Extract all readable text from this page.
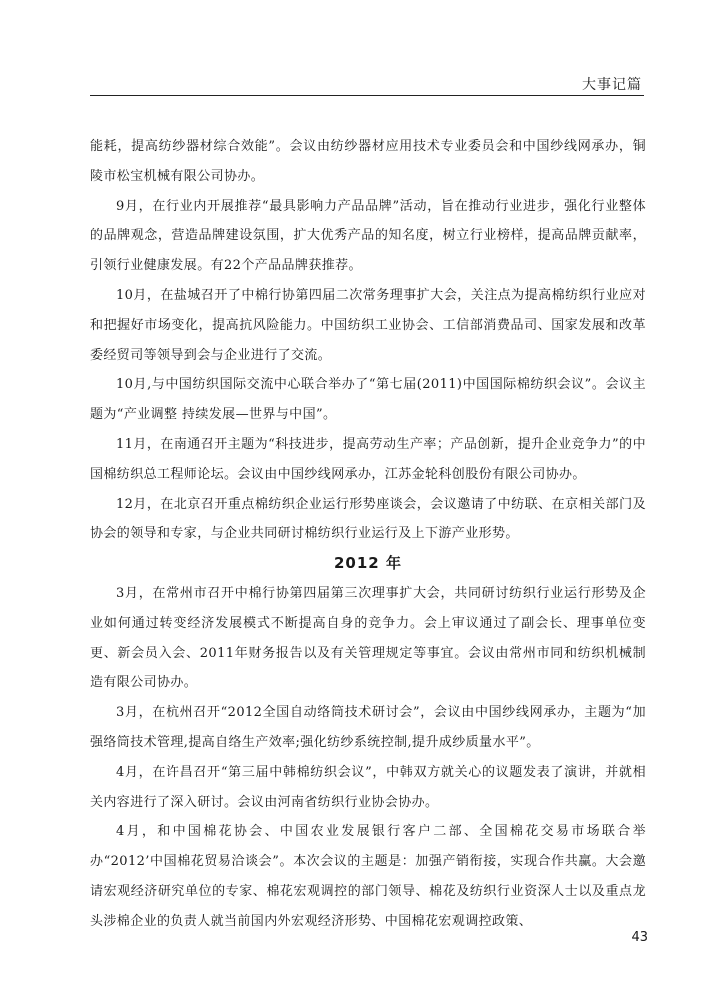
大事记篇

能耗，提高纺纱器材综合效能”。会议由纺纱器材应用技术专业委员会和中国纱线网承办，铜陵市松宝机械有限公司协办。

9月，在行业内开展推荐“最具影响力产品品牌”活动，旨在推动行业进步，强化行业整体的品牌观念，营造品牌建设氛围，扩大优秀产品的知名度，树立行业榜样，提高品牌贡献率，引领行业健康发展。有22个产品品牌获推荐。

10月，在盐城召开了中棉行协第四届二次常务理事扩大会，关注点为提高棉纺织行业应对和把握好市场变化，提高抗风险能力。中国纺织工业协会、工信部消费品司、国家发展和改革委经贸司等领导到会与企业进行了交流。

10月,与中国纺织国际交流中心联合举办了“第七届(2011)中国国际棉纺织会议”。会议主题为“产业调整 持续发展—世界与中国”。

11月，在南通召开主题为“科技进步，提高劳动生产率；产品创新，提升企业竞争力”的中国棉纺织总工程师论坛。会议由中国纱线网承办，江苏金轮科创股份有限公司协办。

12月，在北京召开重点棉纺织企业运行形势座谈会，会议邀请了中纺联、在京相关部门及协会的领导和专家，与企业共同研讨棉纺织行业运行及上下游产业形势。

2012 年

3月，在常州市召开中棉行协第四届第三次理事扩大会，共同研讨纺织行业运行形势及企业如何通过转变经济发展模式不断提高自身的竞争力。会上审议通过了副会长、理事单位变更、新会员入会、2011年财务报告以及有关管理规定等事宜。会议由常州市同和纺织机械制造有限公司协办。

3月，在杭州召开“2012全国自动络筒技术研讨会”，会议由中国纱线网承办，主题为“加强络筒技术管理,提高自络生产效率;强化纺纱系统控制,提升成纱质量水平”。

4月，在许昌召开“第三届中韩棉纺织会议”，中韩双方就关心的议题发表了演讲，并就相关内容进行了深入研讨。会议由河南省纺织行业协会协办。

4月，和中国棉花协会、中国农业发展银行客户二部、全国棉花交易市场联合举办“2012’中国棉花贸易洽谈会”。本次会议的主题是：加强产销衔接，实现合作共赢。大会邀请宏观经济研究单位的专家、棉花宏观调控的部门领导、棉花及纺织行业资深人士以及重点龙头涉棉企业的负责人就当前国内外宏观经济形势、中国棉花宏观调控政策、

43
